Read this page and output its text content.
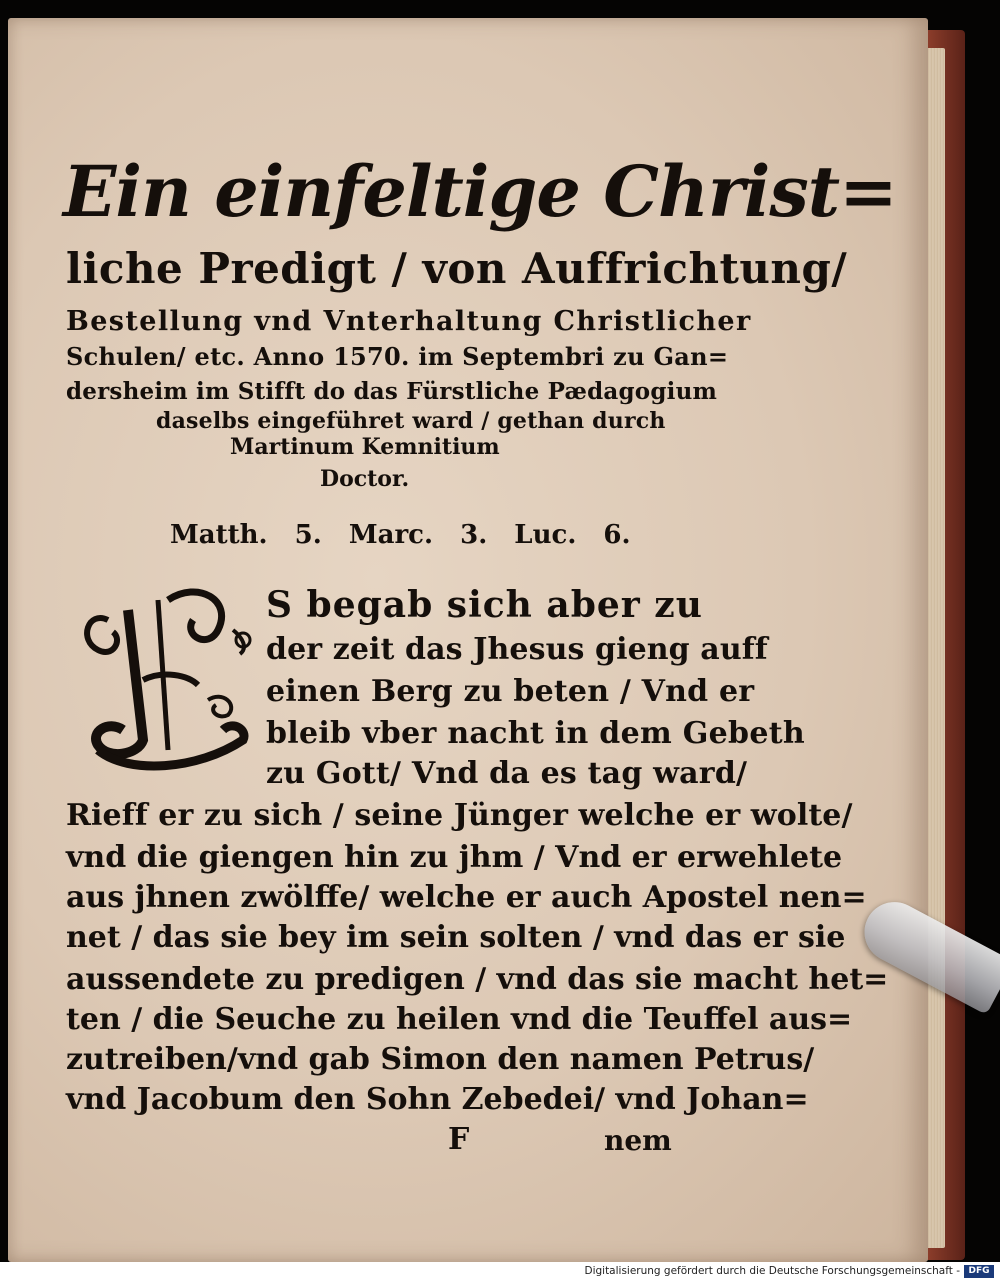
Ein einfeltige Christ=
liche Predigt / von Auffrichtung/
Bestellung vnd Vnterhaltung Christlicher
Schulen/ etc. Anno 1570. im Septembri zu Gan=
dersheim im Stifft do das Fürstliche Pædagogium
daselbs eingeführet ward / gethan durch
Martinum Kemnitium
Doctor.
Matth. 5. Marc. 3. Luc. 6.
S begab sich aber zu
der zeit das Jhesus gieng auff
einen Berg zu beten / Vnd er
bleib vber nacht in dem Gebeth
zu Gott/ Vnd da es tag ward/
Rieff er zu sich / seine Jünger welche er wolte/
vnd die giengen hin zu jhm / Vnd er erwehlete
aus jhnen zwölffe/ welche er auch Apostel nen=
net / das sie bey im sein solten / vnd das er sie
aussendete zu predigen / vnd das sie macht het=
ten / die Seuche zu heilen vnd die Teuffel aus=
zutreiben/vnd gab Simon den namen Petrus/
vnd Jacobum den Sohn Zebedei/ vnd Johan=
F	nem
Digitalisierung gefördert durch die Deutsche Forschungsgemeinschaft - DFG
